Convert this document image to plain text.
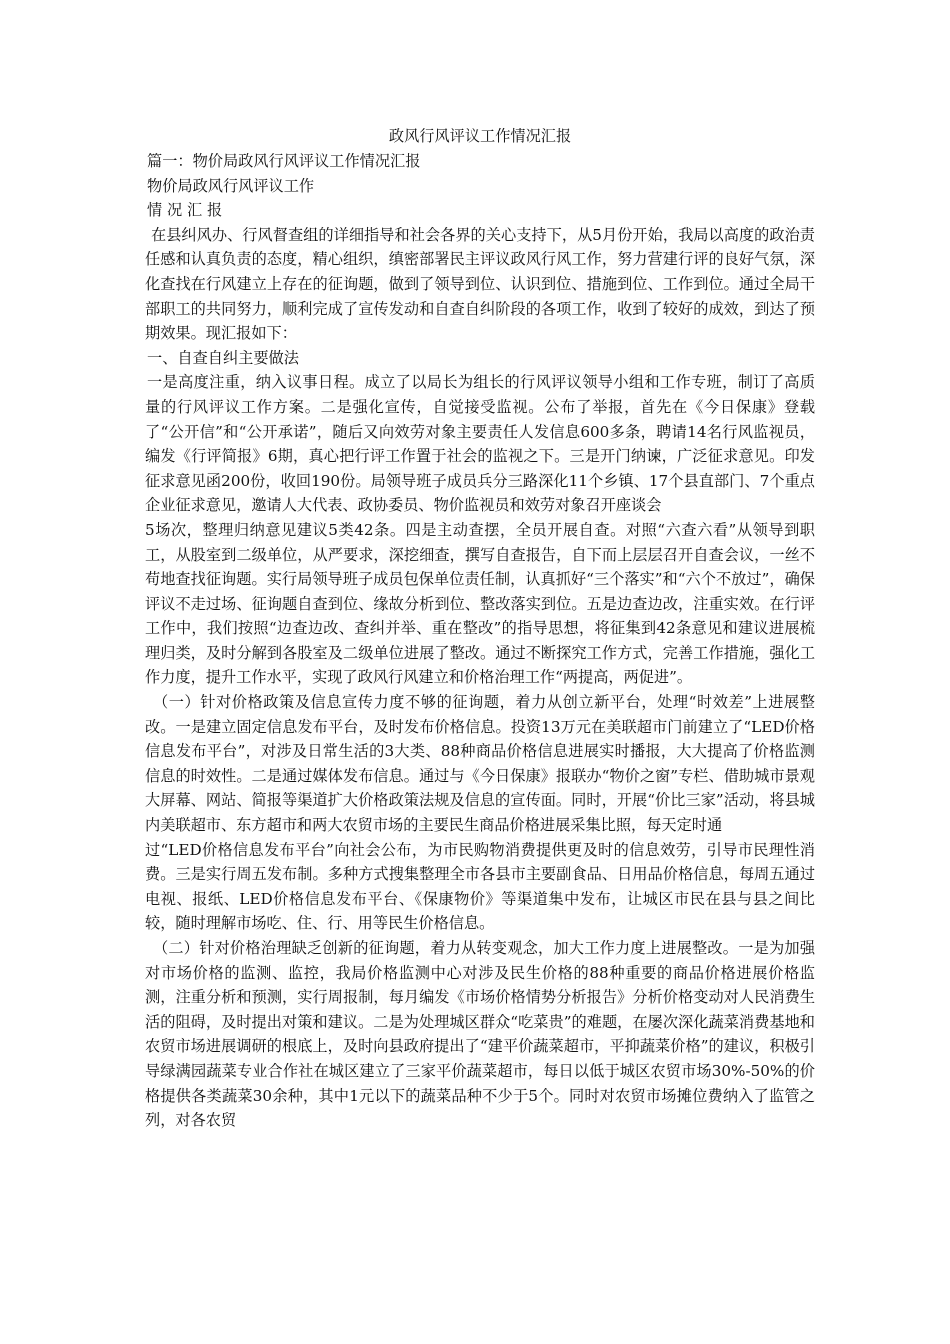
政风行风评议工作情况汇报
篇一：物价局政风行风评议工作情况汇报
物价局政风行风评议工作
情 况 汇 报

在县纠风办、行风督查组的详细指导和社会各界的关心支持下，从5月份开始，我局以高度的政治责任感和认真负责的态度，精心组织，缜密部署民主评议政风行风工作，努力营建行评的良好气氛，深化查找在行风建立上存在的征询题，做到了领导到位、认识到位、措施到位、工作到位。通过全局干部职工的共同努力，顺利完成了宣传发动和自查自纠阶段的各项工作，收到了较好的成效，到达了预期效果。现汇报如下：

一、自查自纠主要做法

一是高度注重，纳入议事日程。成立了以局长为组长的行风评议领导小组和工作专班，制订了高质量的行风评议工作方案。二是强化宣传，自觉接受监视。公布了举报，首先在《今日保康》登载了“公开信”和“公开承诺”，随后又向效劳对象主要责任人发信息600多条，聘请14名行风监视员，编发《行评简报》6期，真心把行评工作置于社会的监视之下。三是开门纳谏，广泛征求意见。印发征求意见函200份，收回190份。局领导班子成员兵分三路深化11个乡镇、17个县直部门、7个重点企业征求意见，邀请人大代表、政协委员、物价监视员和效劳对象召开座谈会

5场次，整理归纳意见建议5类42条。四是主动查摆，全员开展自查。对照“六查六看”从领导到职工，从股室到二级单位，从严要求，深挖细查，撰写自查报告，自下而上层层召开自查会议，一丝不苟地查找征询题。实行局领导班子成员包保单位责任制，认真抓好“三个落实”和“六个不放过”，确保评议不走过场、征询题自查到位、缘故分析到位、整改落实到位。五是边查边改，注重实效。在行评工作中，我们按照“边查边改、查纠并举、重在整改”的指导思想，将征集到42条意见和建议进展梳理归类，及时分解到各股室及二级单位进展了整改。通过不断探究工作方式，完善工作措施，强化工作力度，提升工作水平，实现了政风行风建立和价格治理工作“两提高，两促进”。

（一）针对价格政策及信息宣传力度不够的征询题，着力从创立新平台，处理“时效差”上进展整改。一是建立固定信息发布平台，及时发布价格信息。投资13万元在美联超市门前建立了“LED价格信息发布平台”，对涉及日常生活的3大类、88种商品价格信息进展实时播报，大大提高了价格监测信息的时效性。二是通过媒体发布信息。通过与《今日保康》报联办“物价之窗”专栏、借助城市景观大屏幕、网站、简报等渠道扩大价格政策法规及信息的宣传面。同时，开展“价比三家”活动，将县城内美联超市、东方超市和两大农贸市场的主要民生商品价格进展采集比照，每天定时通

过“LED价格信息发布平台”向社会公布，为市民购物消费提供更及时的信息效劳，引导市民理性消费。三是实行周五发布制。多种方式搜集整理全市各县市主要副食品、日用品价格信息，每周五通过电视、报纸、LED价格信息发布平台、《保康物价》等渠道集中发布，让城区市民在县与县之间比较，随时理解市场吃、住、行、用等民生价格信息。

（二）针对价格治理缺乏创新的征询题，着力从转变观念，加大工作力度上进展整改。一是为加强对市场价格的监测、监控，我局价格监测中心对涉及民生价格的88种重要的商品价格进展价格监测，注重分析和预测，实行周报制，每月编发《市场价格情势分析报告》分析价格变动对人民消费生活的阻碍，及时提出对策和建议。二是为处理城区群众“吃菜贵”的难题，在屡次深化蔬菜消费基地和农贸市场进展调研的根底上，及时向县政府提出了“建平价蔬菜超市，平抑蔬菜价格”的建议，积极引导绿满园蔬菜专业合作社在城区建立了三家平价蔬菜超市，每日以低于城区农贸市场30%-50%的价格提供各类蔬菜30余种，其中1元以下的蔬菜品种不少于5个。同时对农贸市场摊位费纳入了监管之列，对各农贸
